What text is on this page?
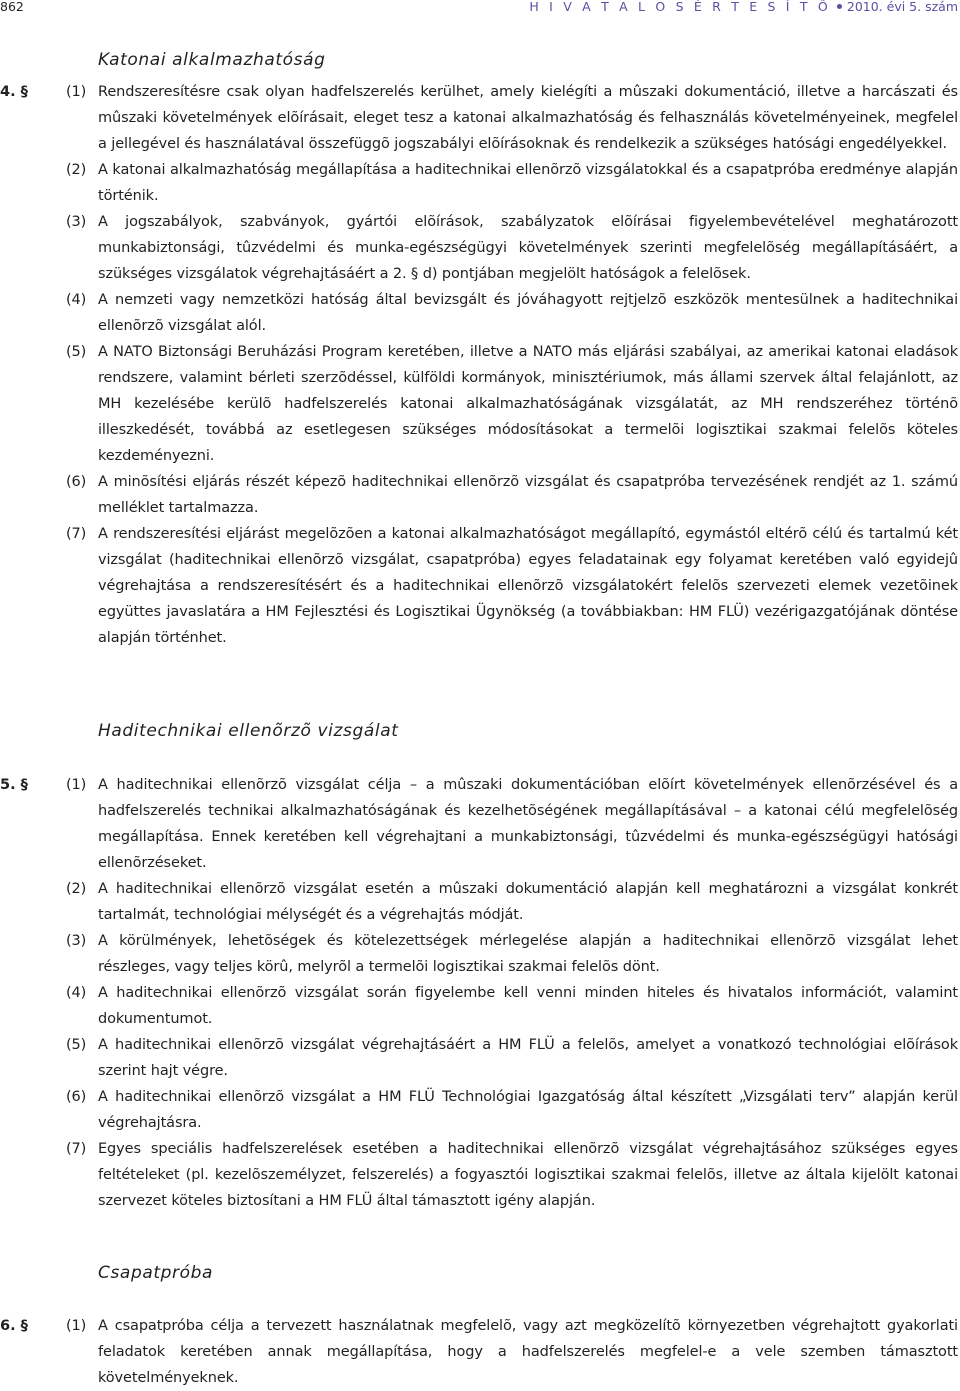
862	H I V A T A L O S É R T E S Í T Õ 2010. évi 5. szám
Katonai alkalmazhatóság
4. §	(1) Rendszeresítésre csak olyan hadfelszerelés kerülhet, amely kielégíti a mûszaki dokumentáció, illetve a harcászati és mûszaki követelmények elõírásait, eleget tesz a katonai alkalmazhatóság és felhasználás követelményeinek, megfelel a jellegével és használatával összefüggõ jogszabályi elõírásoknak és rendelkezik a szükséges hatósági engedélyekkel.
(2) A katonai alkalmazhatóság megállapítása a haditechnikai ellenõrzõ vizsgálatokkal és a csapatpróba eredménye alapján történik.
(3) A jogszabályok, szabványok, gyártói elõírások, szabályzatok elõírásai figyelembevételével meghatározott munkabiztonsági, tûzvédelmi és munka-egészségügyi követelmények szerinti megfelelõség megállapításáért, a szükséges vizsgálatok végrehajtásáért a 2. § d) pontjában megjelölt hatóságok a felelõsek.
(4) A nemzeti vagy nemzetközi hatóság által bevizsgált és jóváhagyott rejtjelzõ eszközök mentesülnek a haditechnikai ellenõrzõ vizsgálat alól.
(5) A NATO Biztonsági Beruházási Program keretében, illetve a NATO más eljárási szabályai, az amerikai katonai eladások rendszere, valamint bérleti szerzõdéssel, külföldi kormányok, minisztériumok, más állami szervek által felajánlott, az MH kezelésébe kerülõ hadfelszerelés katonai alkalmazhatóságának vizsgálatát, az MH rendszeréhez történõ illeszkedését, továbbá az esetlegesen szükséges módosításokat a termelõi logisztikai szakmai felelõs köteles kezdeményezni.
(6) A minõsítési eljárás részét képezõ haditechnikai ellenõrzõ vizsgálat és csapatpróba tervezésének rendjét az 1. számú melléklet tartalmazza.
(7) A rendszeresítési eljárást megelõzõen a katonai alkalmazhatóságot megállapító, egymástól eltérõ célú és tartalmú két vizsgálat (haditechnikai ellenõrzõ vizsgálat, csapatpróba) egyes feladatainak egy folyamat keretében való egyidejû végrehajtása a rendszeresítésért és a haditechnikai ellenõrzõ vizsgálatokért felelõs szervezeti elemek vezetõinek együttes javaslatára a HM Fejlesztési és Logisztikai Ügynökség (a továbbiakban: HM FLÜ) vezérigazgatójának döntése alapján történhet.
Haditechnikai ellenõrzõ vizsgálat
5. §	(1) A haditechnikai ellenõrzõ vizsgálat célja – a mûszaki dokumentációban elõírt követelmények ellenõrzésével és a hadfelszerelés technikai alkalmazhatóságának és kezelhetõségének megállapításával – a katonai célú megfelelõség megállapítása. Ennek keretében kell végrehajtani a munkabiztonsági, tûzvédelmi és munka-egészségügyi hatósági ellenõrzéseket.
(2) A haditechnikai ellenõrzõ vizsgálat esetén a mûszaki dokumentáció alapján kell meghatározni a vizsgálat konkrét tartalmát, technológiai mélységét és a végrehajtás módját.
(3) A körülmények, lehetõségek és kötelezettségek mérlegelése alapján a haditechnikai ellenõrzõ vizsgálat lehet részleges, vagy teljes körû, melyrõl a termelõi logisztikai szakmai felelõs dönt.
(4) A haditechnikai ellenõrzõ vizsgálat során figyelembe kell venni minden hiteles és hivatalos információt, valamint dokumentumot.
(5) A haditechnikai ellenõrzõ vizsgálat végrehajtásáért a HM FLÜ a felelõs, amelyet a vonatkozó technológiai elõírások szerint hajt végre.
(6) A haditechnikai ellenõrzõ vizsgálat a HM FLÜ Technológiai Igazgatóság által készített „Vizsgálati terv” alapján kerül végrehajtásra.
(7) Egyes speciális hadfelszerelések esetében a haditechnikai ellenõrzõ vizsgálat végrehajtásához szükséges egyes feltételeket (pl. kezelõszemélyzet, felszerelés) a fogyasztói logisztikai szakmai felelõs, illetve az általa kijelölt katonai szervezet köteles biztosítani a HM FLÜ által támasztott igény alapján.
Csapatpróba
6. §	(1) A csapatpróba célja a tervezett használatnak megfelelõ, vagy azt megközelítõ környezetben végrehajtott gyakorlati feladatok keretében annak megállapítása, hogy a hadfelszerelés megfelel-e a vele szemben támasztott követelményeknek.
